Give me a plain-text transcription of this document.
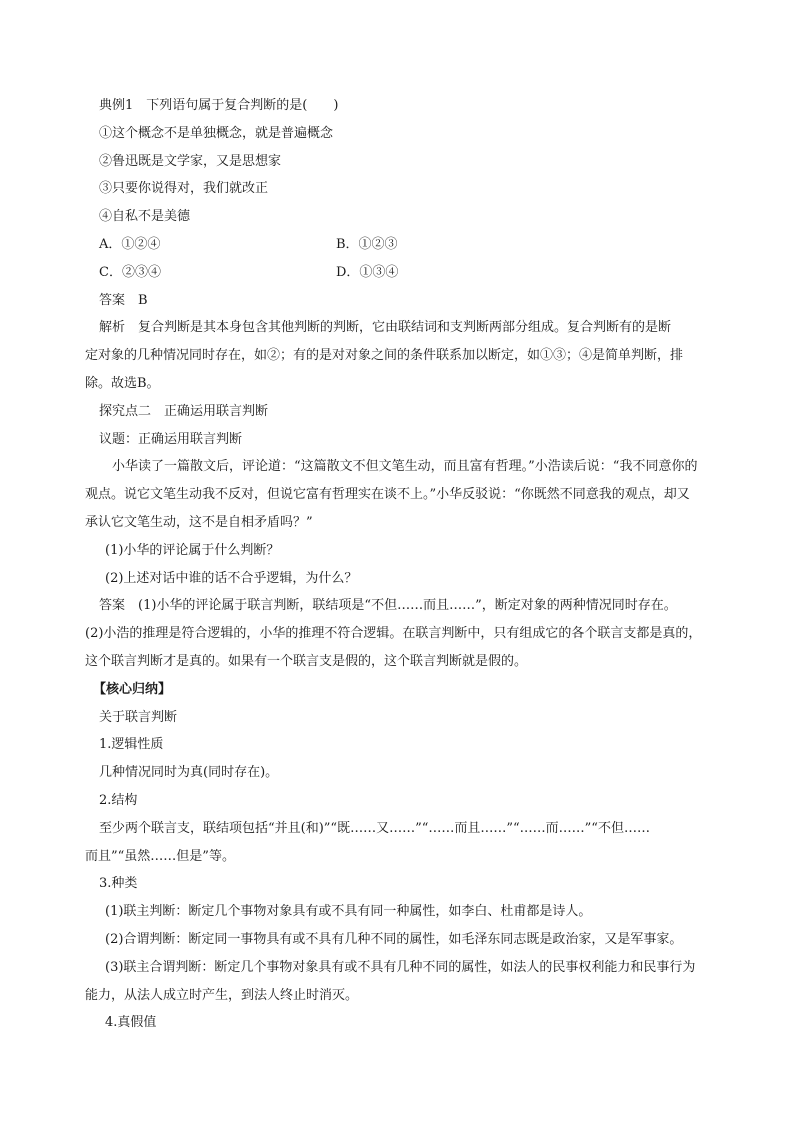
典例1 下列语句属于复合判断的是(　　)
①这个概念不是单独概念，就是普遍概念
②鲁迅既是文学家，又是思想家
③只要你说得对，我们就改正
④自私不是美德
A．①②④	B．①②③
C．②③④	D．①③④
答案 B
解析 复合判断是其本身包含其他判断的判断，它由联结词和支判断两部分组成。复合判断有的是断
定对象的几种情况同时存在，如②；有的是对对象之间的条件联系加以断定，如①③；④是简单判断，排
除。故选B。
探究点二　正确运用联言判断
议题：正确运用联言判断
小华读了一篇散文后，评论道：“这篇散文不但文笔生动，而且富有哲理。”小浩读后说：“我不同意你的
观点。说它文笔生动我不反对，但说它富有哲理实在谈不上。”小华反驳说：“你既然不同意我的观点，却又
承认它文笔生动，这不是自相矛盾吗？”
(1)小华的评论属于什么判断？
(2)上述对话中谁的话不合乎逻辑，为什么？
答案 (1)小华的评论属于联言判断，联结项是“不但……而且……”，断定对象的两种情况同时存在。
(2)小浩的推理是符合逻辑的，小华的推理不符合逻辑。在联言判断中，只有组成它的各个联言支都是真的，
这个联言判断才是真的。如果有一个联言支是假的，这个联言判断就是假的。
【核心归纳】
关于联言判断
1.逻辑性质
几种情况同时为真(同时存在)。
2.结构
至少两个联言支，联结项包括“并且(和)”“既……又……”“……而且……”“……而……”“不但……
而且”“虽然……但是”等。
3.种类
(1)联主判断：断定几个事物对象具有或不具有同一种属性，如李白、杜甫都是诗人。
(2)合谓判断：断定同一事物具有或不具有几种不同的属性，如毛泽东同志既是政治家，又是军事家。
(3)联主合谓判断：断定几个事物对象具有或不具有几种不同的属性，如法人的民事权利能力和民事行为
能力，从法人成立时产生，到法人终止时消灭。
4.真假值
